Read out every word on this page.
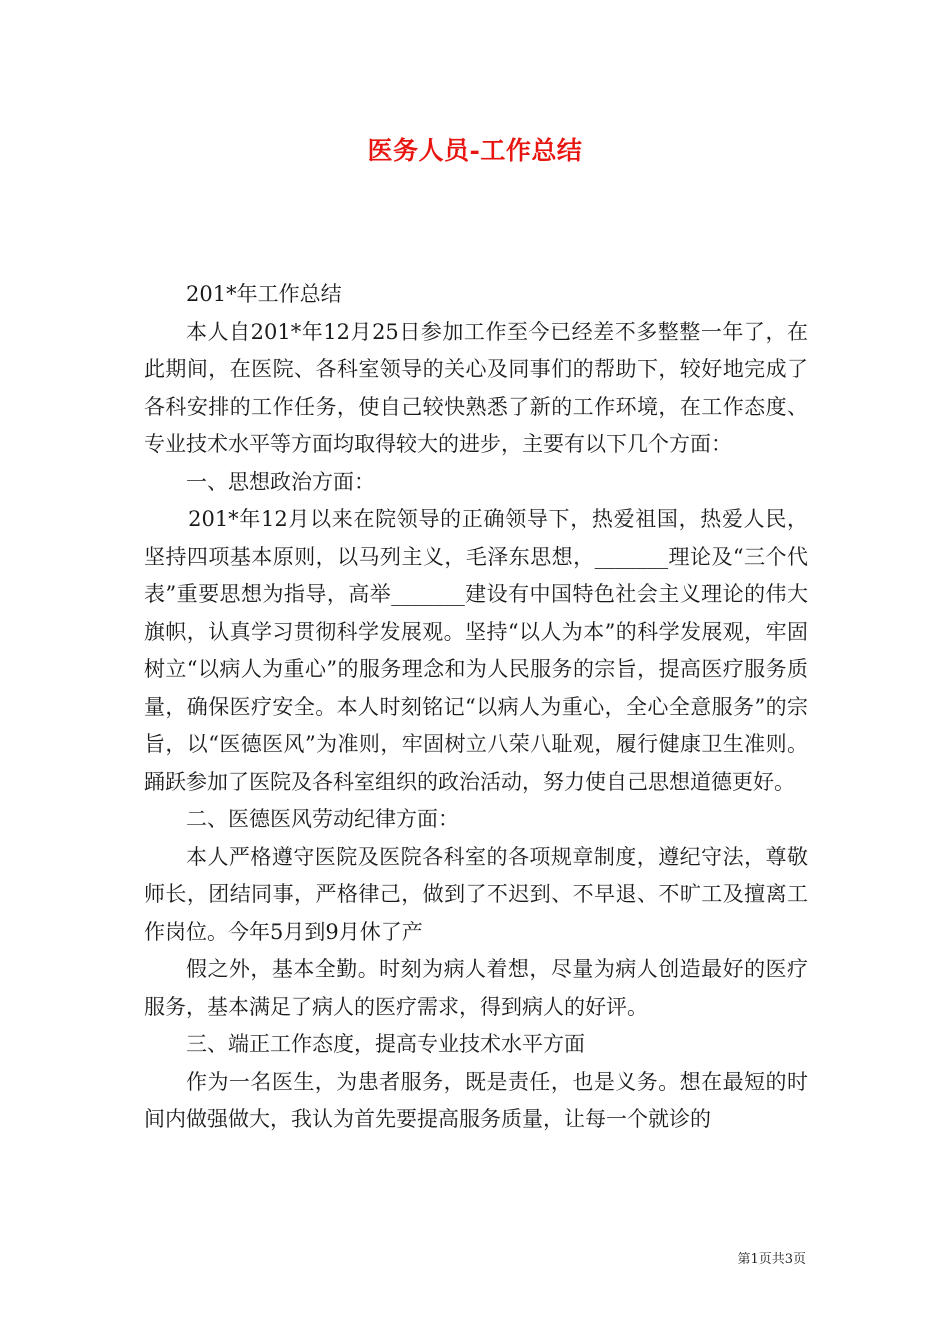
医务人员-工作总结

201*年工作总结

本人自201*年12月25日参加工作至今已经差不多整整一年了，在此期间，在医院、各科室领导的关心及同事们的帮助下，较好地完成了各科安排的工作任务，使自己较快熟悉了新的工作环境，在工作态度、专业技术水平等方面均取得较大的进步，主要有以下几个方面：

一、思想政治方面：

201*年12月以来在院领导的正确领导下，热爱祖国，热爱人民，坚持四项基本原则，以马列主义，毛泽东思想，_______理论及“三个代表”重要思想为指导，高举_______建设有中国特色社会主义理论的伟大旗帜，认真学习贯彻科学发展观。坚持“以人为本”的科学发展观，牢固树立“以病人为重心”的服务理念和为人民服务的宗旨，提高医疗服务质量，确保医疗安全。本人时刻铭记“以病人为重心，全心全意服务”的宗旨，以“医德医风”为准则，牢固树立八荣八耻观，履行健康卫生准则。踊跃参加了医院及各科室组织的政治活动，努力使自己思想道德更好。

二、医德医风劳动纪律方面：

本人严格遵守医院及医院各科室的各项规章制度，遵纪守法，尊敬师长，团结同事，严格律己，做到了不迟到、不早退、不旷工及擅离工作岗位。今年5月到9月休了产

假之外，基本全勤。时刻为病人着想，尽量为病人创造最好的医疗服务，基本满足了病人的医疗需求，得到病人的好评。

三、端正工作态度，提高专业技术水平方面

作为一名医生，为患者服务，既是责任，也是义务。想在最短的时间内做强做大，我认为首先要提高服务质量，让每一个就诊的

第1页共3页
